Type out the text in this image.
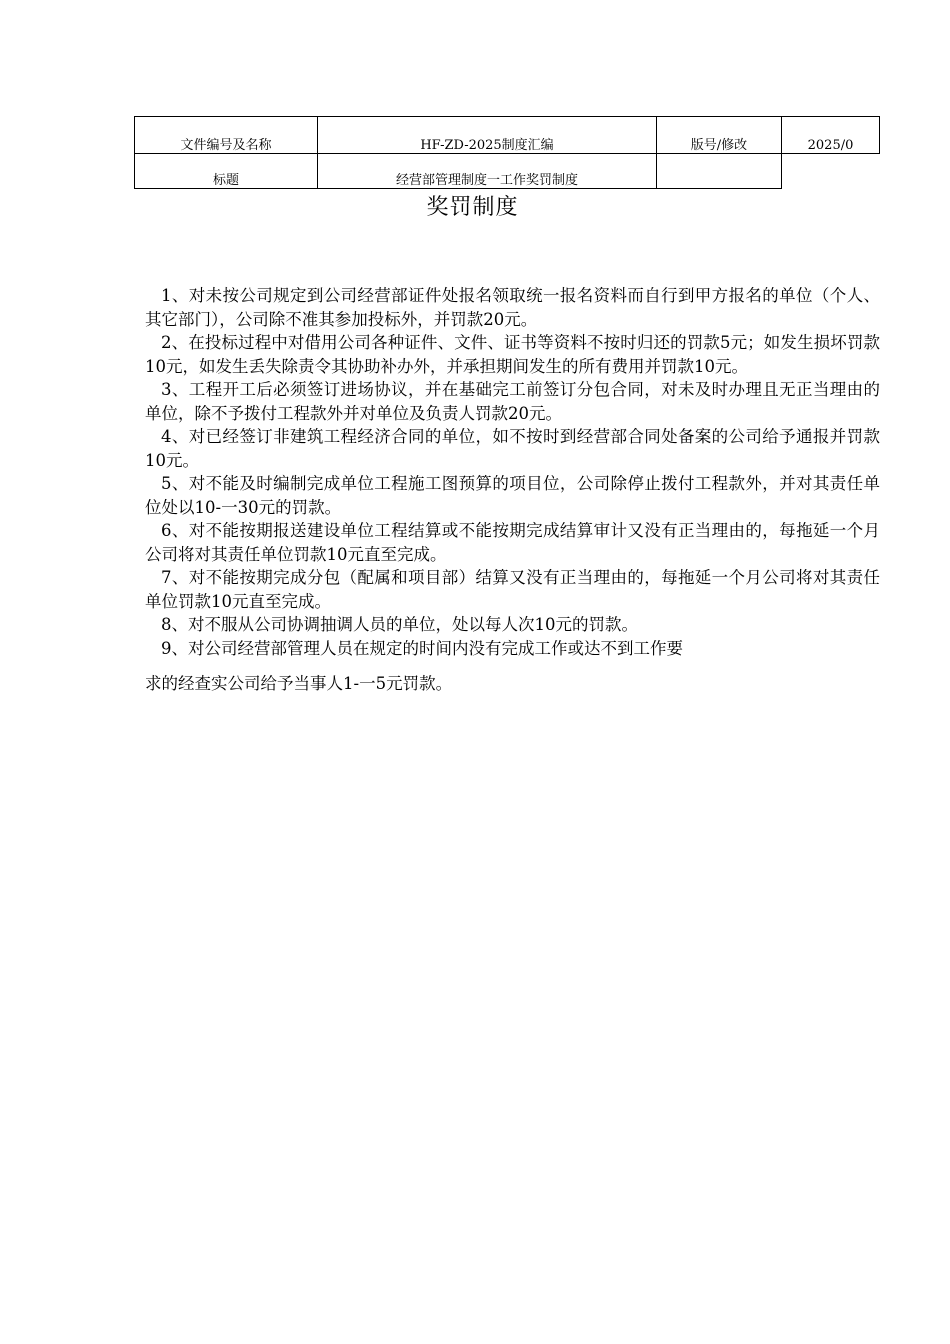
文件编号及名称	HF-ZD-2025制度汇编	版号/修改	2025/0
标题	经营部管理制度一工作奖罚制度		
奖罚制度

1、对未按公司规定到公司经营部证件处报名领取统一报名资料而自行到甲方报名的单位（个人、其它部门），公司除不准其参加投标外，并罚款20元。

2、在投标过程中对借用公司各种证件、文件、证书等资料不按时归还的罚款5元；如发生损坏罚款10元，如发生丢失除责令其协助补办外，并承担期间发生的所有费用并罚款10元。

3、工程开工后必须签订进场协议，并在基础完工前签订分包合同，对未及时办理且无正当理由的单位，除不予拨付工程款外并对单位及负责人罚款20元。

4、对已经签订非建筑工程经济合同的单位，如不按时到经营部合同处备案的公司给予通报并罚款10元。

5、对不能及时编制完成单位工程施工图预算的项目位，公司除停止拨付工程款外，并对其责任单位处以10-一30元的罚款。

6、对不能按期报送建设单位工程结算或不能按期完成结算审计又没有正当理由的，每拖延一个月公司将对其责任单位罚款10元直至完成。

7、对不能按期完成分包（配属和项目部）结算又没有正当理由的，每拖延一个月公司将对其责任单位罚款10元直至完成。

8、对不服从公司协调抽调人员的单位，处以每人次10元的罚款。

9、对公司经营部管理人员在规定的时间内没有完成工作或达不到工作要

求的经查实公司给予当事人1-一5元罚款。
